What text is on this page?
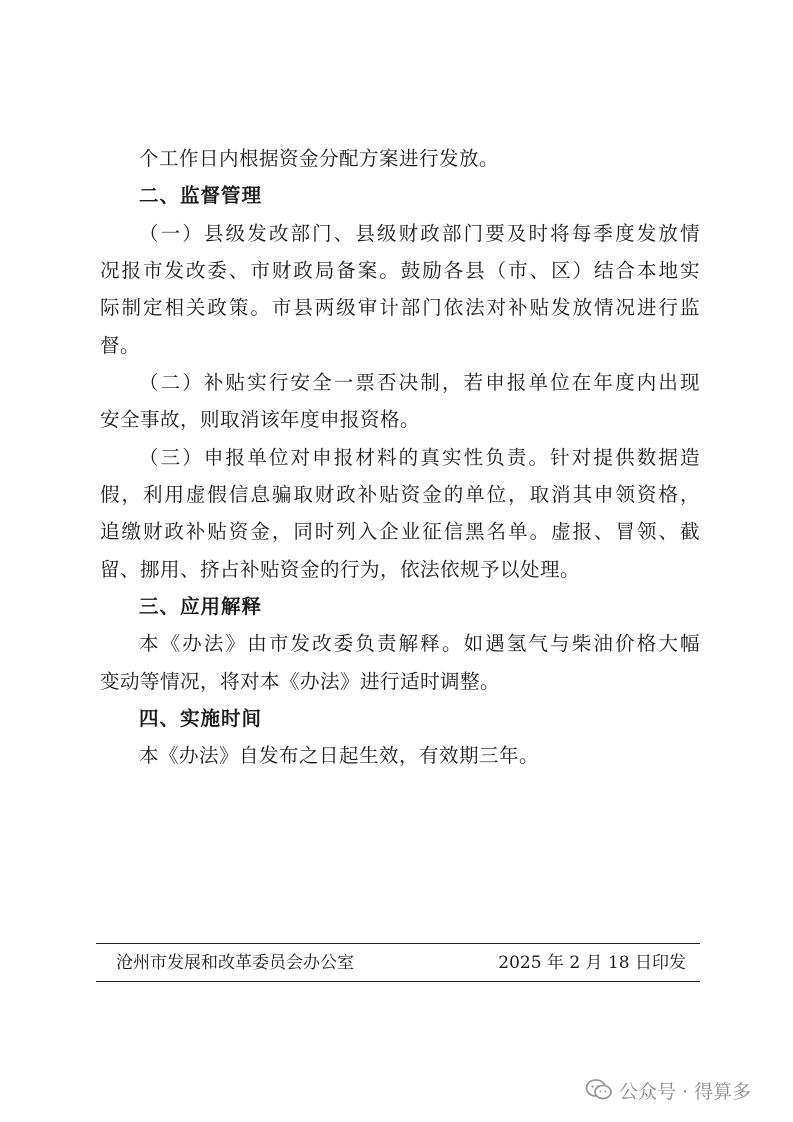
个工作日内根据资金分配方案进行发放。
二、监督管理
（一）县级发改部门、县级财政部门要及时将每季度发放情
况报市发改委、市财政局备案。鼓励各县（市、区）结合本地实
际制定相关政策。市县两级审计部门依法对补贴发放情况进行监
督。
（二）补贴实行安全一票否决制，若申报单位在年度内出现
安全事故，则取消该年度申报资格。
（三）申报单位对申报材料的真实性负责。针对提供数据造
假，利用虚假信息骗取财政补贴资金的单位，取消其申领资格，
追缴财政补贴资金，同时列入企业征信黑名单。虚报、冒领、截
留、挪用、挤占补贴资金的行为，依法依规予以处理。
三、应用解释
本《办法》由市发改委负责解释。如遇氢气与柴油价格大幅
变动等情况，将对本《办法》进行适时调整。
四、实施时间
本《办法》自发布之日起生效，有效期三年。
沧州市发展和改革委员会办公室	2025 年 2 月 18 日印发
公众号 · 得算多
